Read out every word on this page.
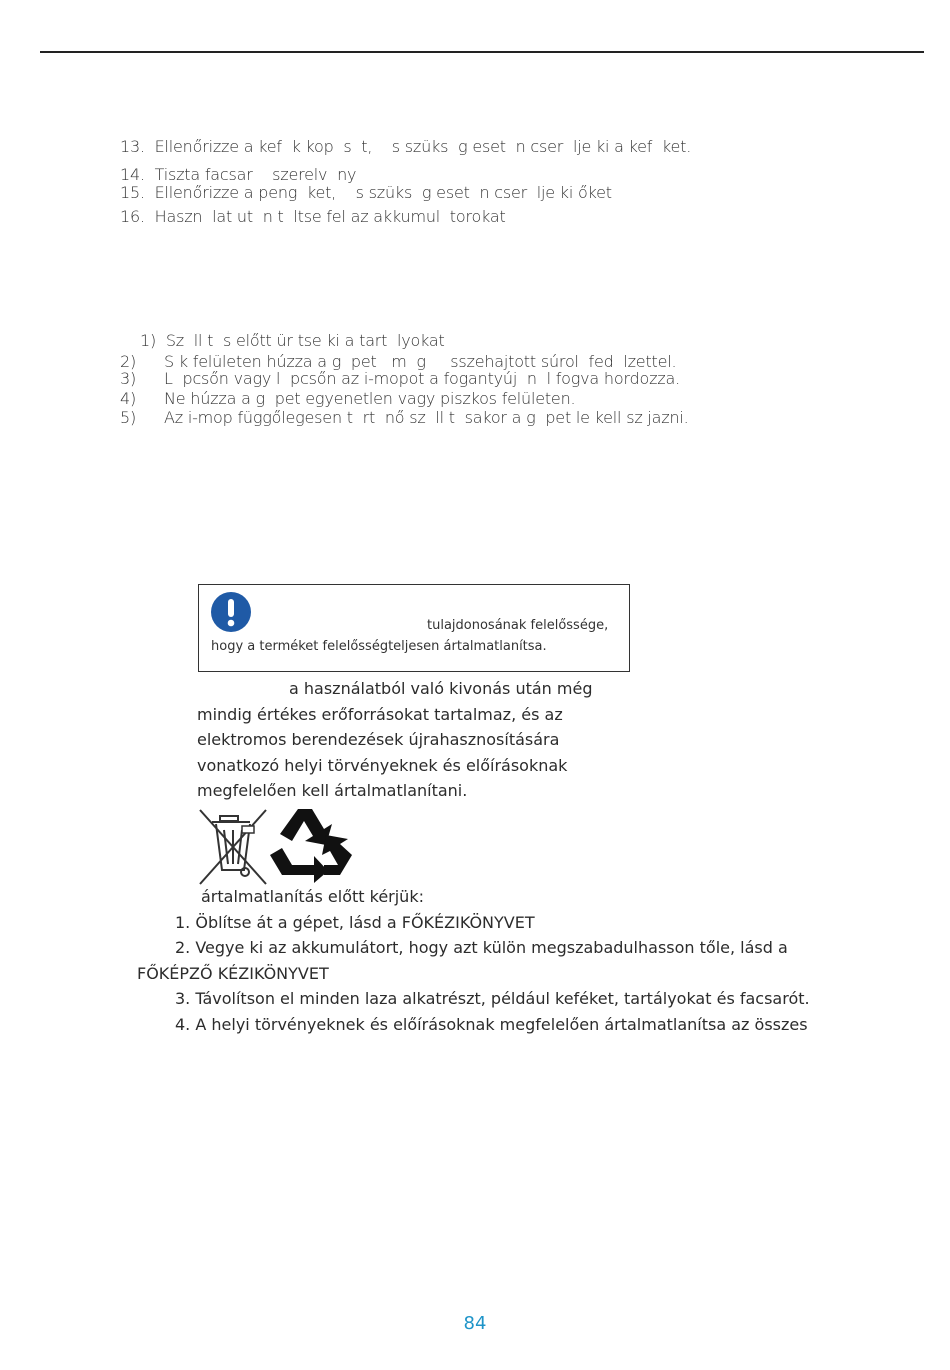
13. Ellenőrizze a kef  k kop  s  t,    s szüks  g eset  n cser  lje ki a kef  ket.
14. Tiszta facsar    szerelv  ny
15. Ellenőrizze a peng  ket,    s szüks  g eset  n cser  lje ki őket
16. Haszn  lat ut  n t  ltse fel az akkumul  torokat
1) Sz  ll t  s előtt ür tse ki a tart  lyokat
2) S k felületen húzza a g  pet   m  g     sszehajtott súrol  fed  lzettel.
3) L  pcsőn vagy l  pcsőn az i-mopot a fogantyúj  n  l fogva hordozza.
4) Ne húzza a g  pet egyenetlen vagy piszkos felületen.
5) Az i-mop függőlegesen t  rt  nő sz  ll t  sakor a g  pet le kell sz jazni.
tulajdonosának felelőssége,
hogy a terméket felelősségteljesen ártalmatlanítsa.
a használatból való kivonás után még
mindig értékes erőforrásokat tartalmaz, és az
elektromos berendezések újrahasznosítására
vonatkozó helyi törvényeknek és előírásoknak
megfelelően kell ártalmatlanítani.
ártalmatlanítás előtt kérjük:
1. Öblítse át a gépet, lásd a FŐKÉZIKÖNYVET
2. Vegye ki az akkumulátort, hogy azt külön megszabadulhasson tőle, lásd a
FŐKÉPZŐ KÉZIKÖNYVET
3. Távolítson el minden laza alkatrészt, például keféket, tartályokat és facsarót.
4. A helyi törvényeknek és előírásoknak megfelelően ártalmatlanítsa az összes
84
